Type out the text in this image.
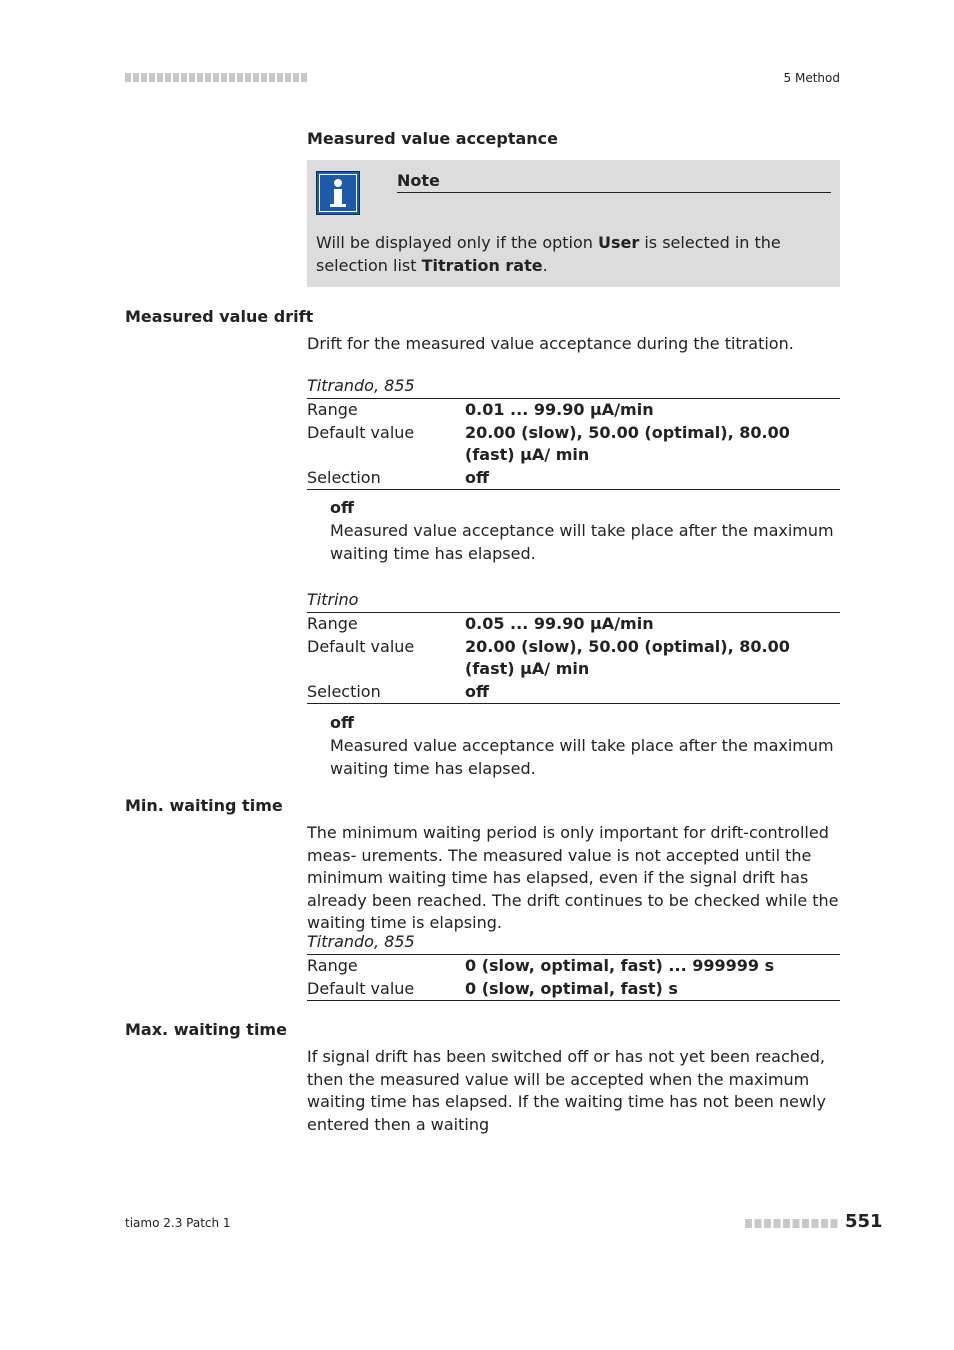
5 Method
Measured value acceptance
Note
Will be displayed only if the option User is selected in the selection list Titration rate.
Measured value drift
Drift for the measured value acceptance during the titration.
Titrando, 855
Range	0.01 ... 99.90 µA/min
Default value	20.00 (slow), 50.00 (optimal), 80.00 (fast) µA/ min
Selection	off
off
Measured value acceptance will take place after the maximum waiting time has elapsed.
Titrino
Range	0.05 ... 99.90 µA/min
Default value	20.00 (slow), 50.00 (optimal), 80.00 (fast) µA/ min
Selection	off
off
Measured value acceptance will take place after the maximum waiting time has elapsed.
Min. waiting time
The minimum waiting period is only important for drift-controlled meas- urements. The measured value is not accepted until the minimum waiting time has elapsed, even if the signal drift has already been reached. The drift continues to be checked while the waiting time is elapsing.
Titrando, 855
Range	0 (slow, optimal, fast) ... 999999 s
Default value	0 (slow, optimal, fast) s
Max. waiting time
If signal drift has been switched off or has not yet been reached, then the measured value will be accepted when the maximum waiting time has elapsed. If the waiting time has not been newly entered then a waiting
tiamo 2.3 Patch 1	551
